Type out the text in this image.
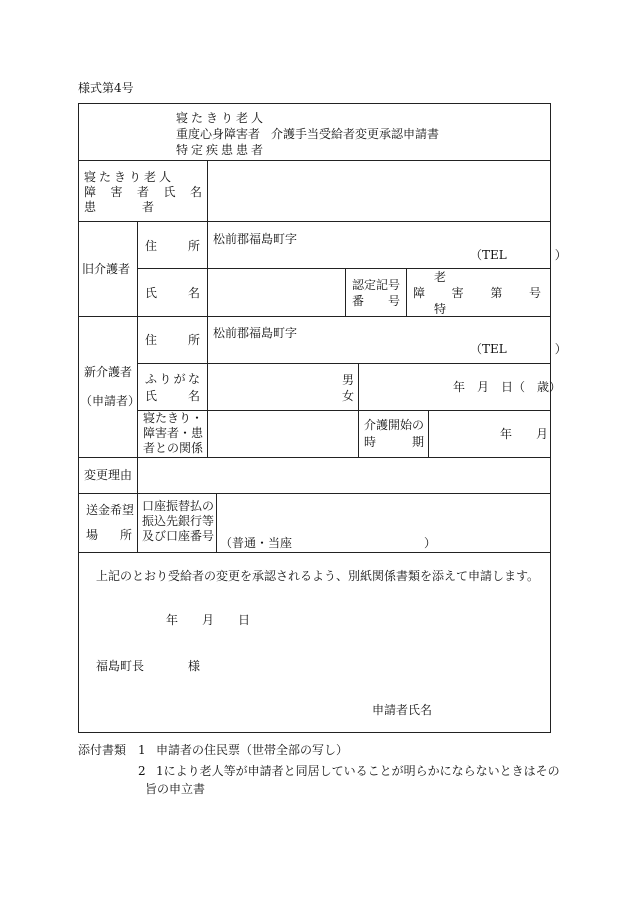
様式第4号
寝たきり老人
重度心身障害者 介護手当受給者変更承認申請書
特定疾患患者
寝たきり老人
障害者氏名
患者
旧介護者
住所 松前郡福島町字
（TEL　　　　）
氏名
認定記号
番号
老
障害第号
特
新介護者
（申請者）
住所 松前郡福島町字
（TEL　　　　）
ふりがな
氏名
男
女
年　月　日（　歳）
寝たきり・
障害者・患
者との関係
介護開始の
時期
年　　月
変更理由
送金希望
場所
口座振替払の
振込先銀行等
及び口座番号 （普通・当座　　　　　　　　　　　）
上記のとおり受給者の変更を承認されるよう、別紙関係書類を添えて申請します。
年　　月　　日
福島町長	様
申請者氏名
添付書類 1 申請者の住民票（世帯全部の写し）
2 1により老人等が申請者と同居していることが明らかにならないときはその
旨の申立書
